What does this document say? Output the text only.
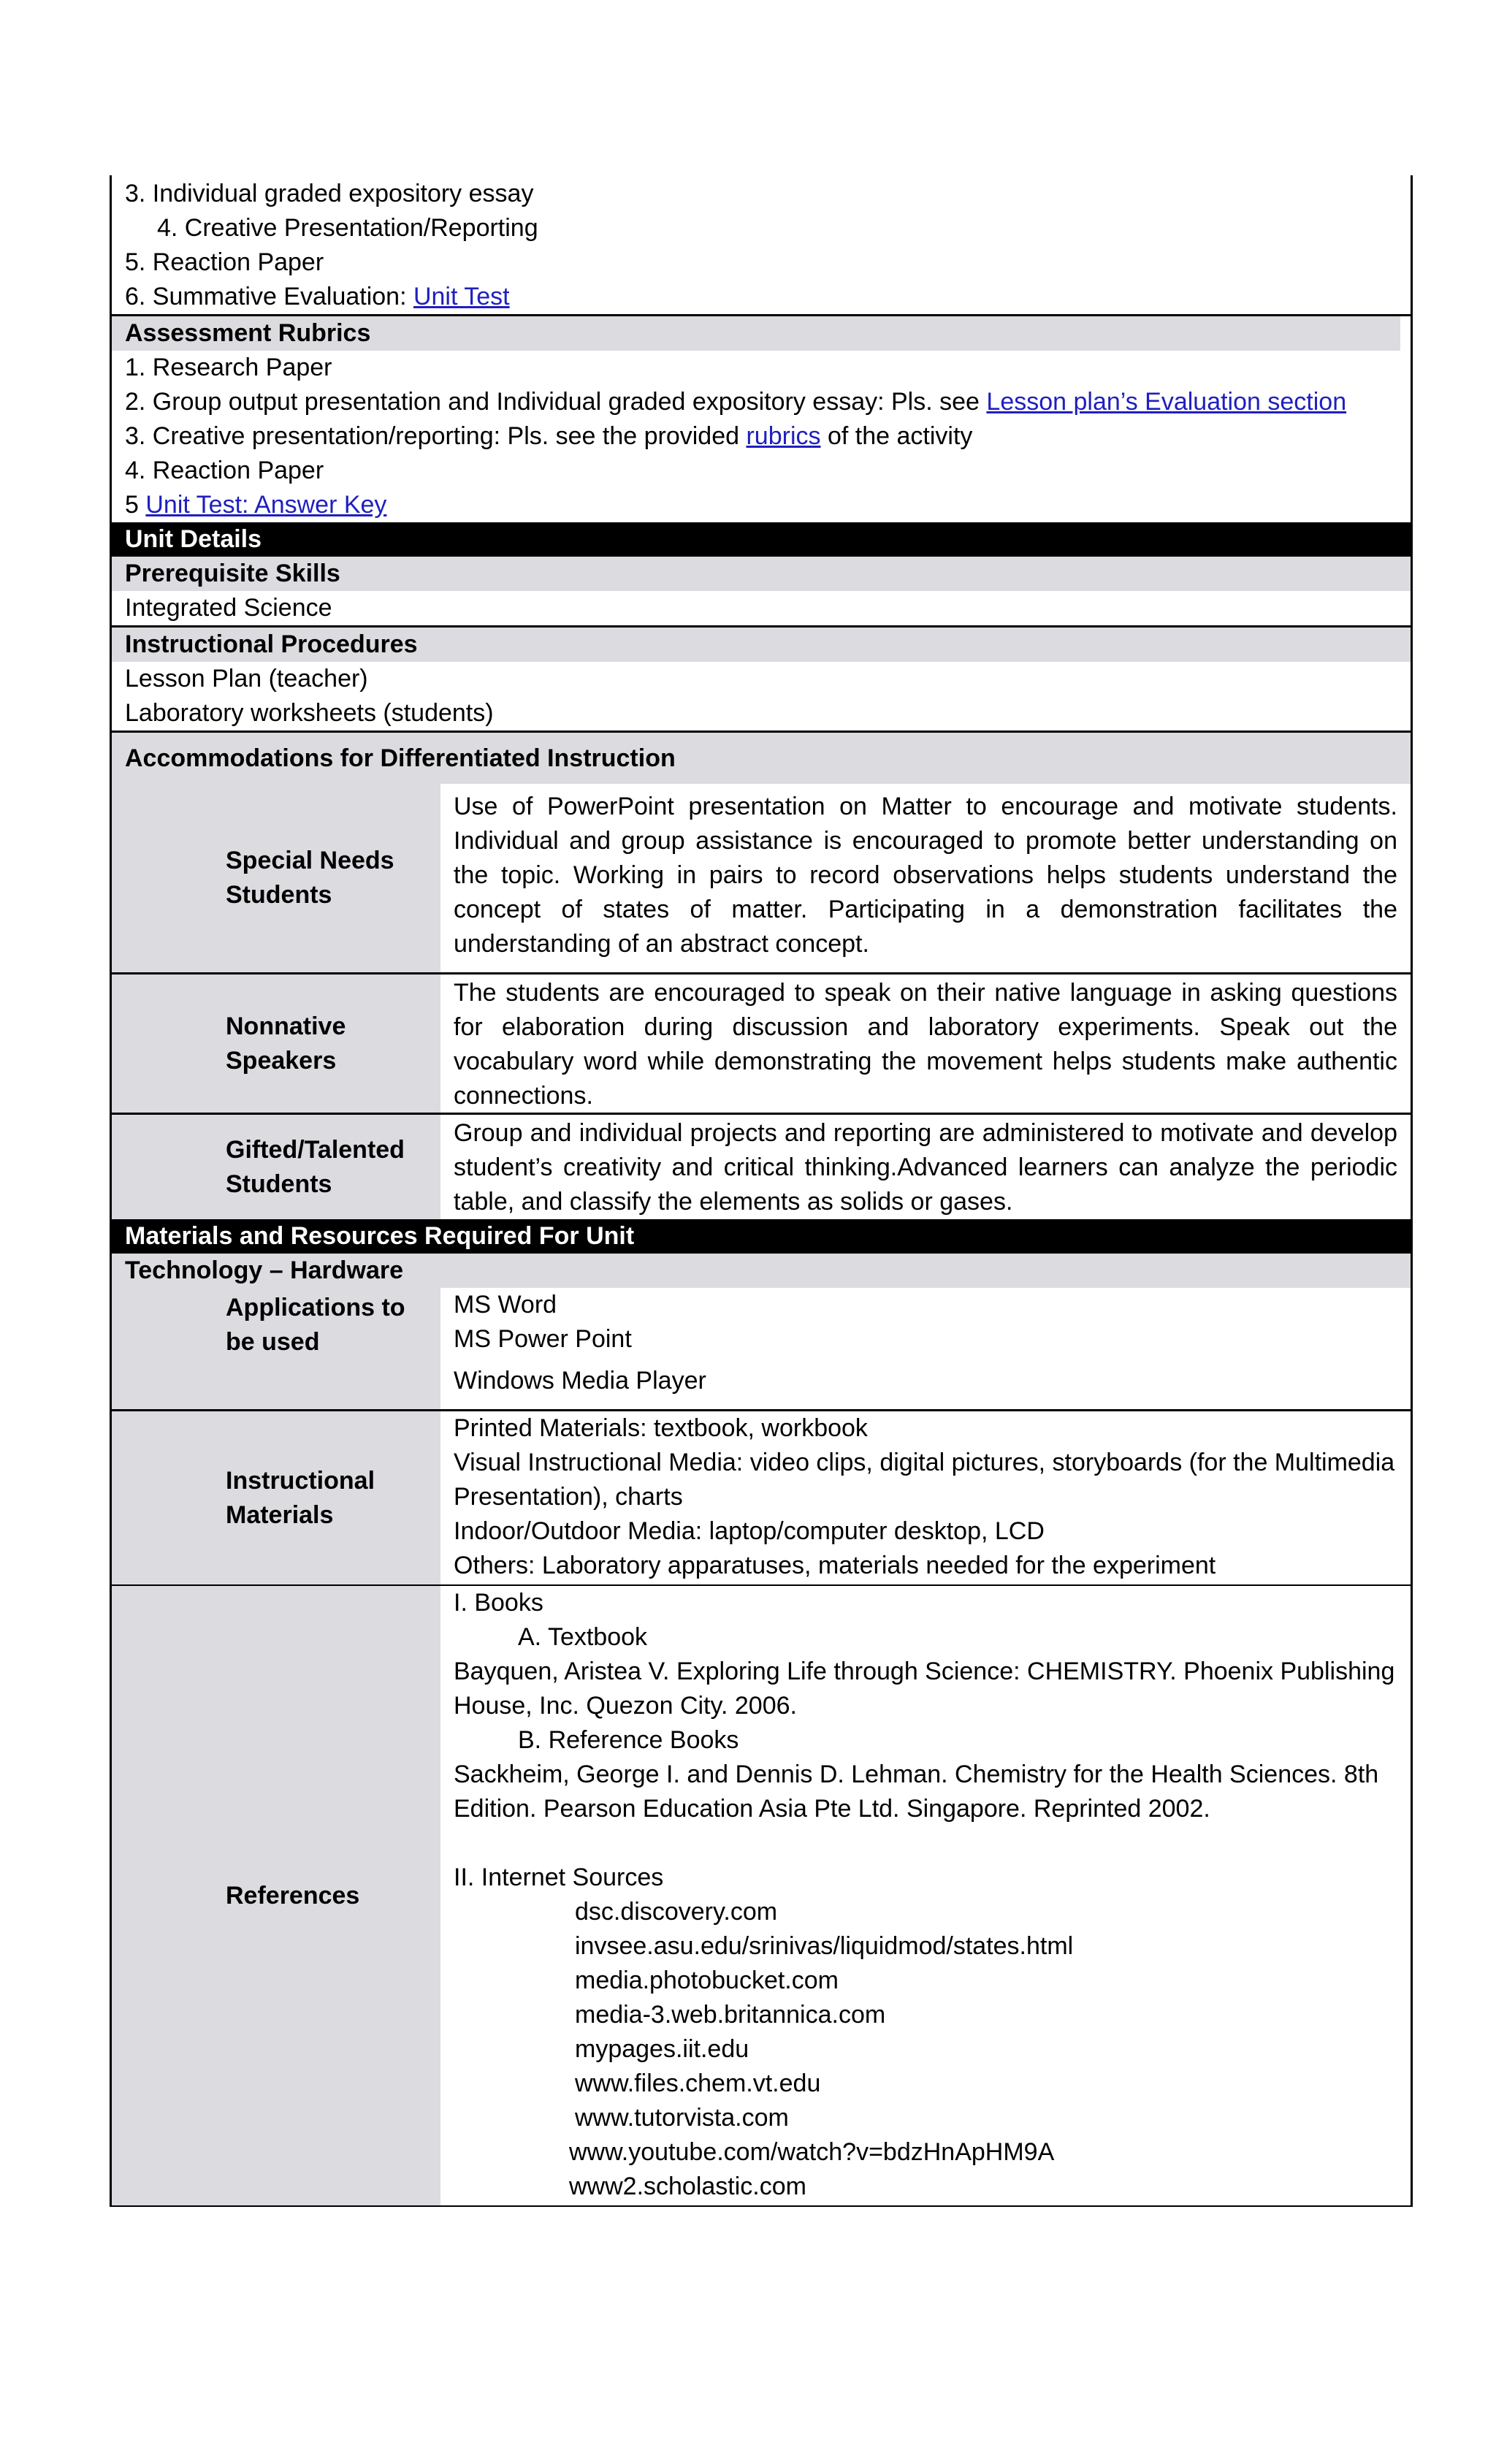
3. Individual graded expository essay
4. Creative Presentation/Reporting
5. Reaction Paper
6. Summative Evaluation: Unit Test
Assessment Rubrics
1. Research Paper
2. Group output presentation and Individual graded expository essay: Pls. see Lesson plan’s Evaluation section
3. Creative presentation/reporting: Pls. see the provided rubrics of the activity
4. Reaction Paper
5 Unit Test: Answer Key
Unit Details
Prerequisite Skills
Integrated Science
Instructional Procedures
Lesson Plan (teacher)
Laboratory worksheets (students)
Accommodations for Differentiated Instruction
Special Needs Students
Use of PowerPoint presentation on Matter to encourage and motivate students. Individual and group assistance is encouraged to promote better understanding on the topic. Working in pairs to record observations helps students understand the concept of states of matter. Participating in a demonstration facilitates the understanding of an abstract concept.
Nonnative Speakers
The students are encouraged to speak on their native language in asking questions for elaboration during discussion and laboratory experiments. Speak out the vocabulary word while demonstrating the movement helps students make authentic connections.
Gifted/Talented Students
Group and individual projects and reporting are administered to motivate and develop student’s creativity and critical thinking.Advanced learners can analyze the periodic table, and classify the elements as solids or gases.
Materials and Resources Required For Unit
Technology – Hardware
Applications to be used
MS Word
MS Power Point
Windows Media Player
Instructional Materials
Printed Materials: textbook, workbook
Visual Instructional Media: video clips, digital pictures, storyboards (for the Multimedia Presentation), charts
Indoor/Outdoor Media: laptop/computer desktop, LCD
Others: Laboratory apparatuses, materials needed for the experiment
References
I. Books
A. Textbook
Bayquen, Aristea V. Exploring Life through Science: CHEMISTRY. Phoenix Publishing House, Inc. Quezon City. 2006.
B. Reference Books
Sackheim, George I. and Dennis D. Lehman. Chemistry for the Health Sciences. 8th Edition. Pearson Education Asia Pte Ltd. Singapore. Reprinted 2002.
II. Internet Sources
dsc.discovery.com
invsee.asu.edu/srinivas/liquidmod/states.html
media.photobucket.com
media-3.web.britannica.com
mypages.iit.edu
www.files.chem.vt.edu
www.tutorvista.com
www.youtube.com/watch?v=bdzHnApHM9A
www2.scholastic.com
